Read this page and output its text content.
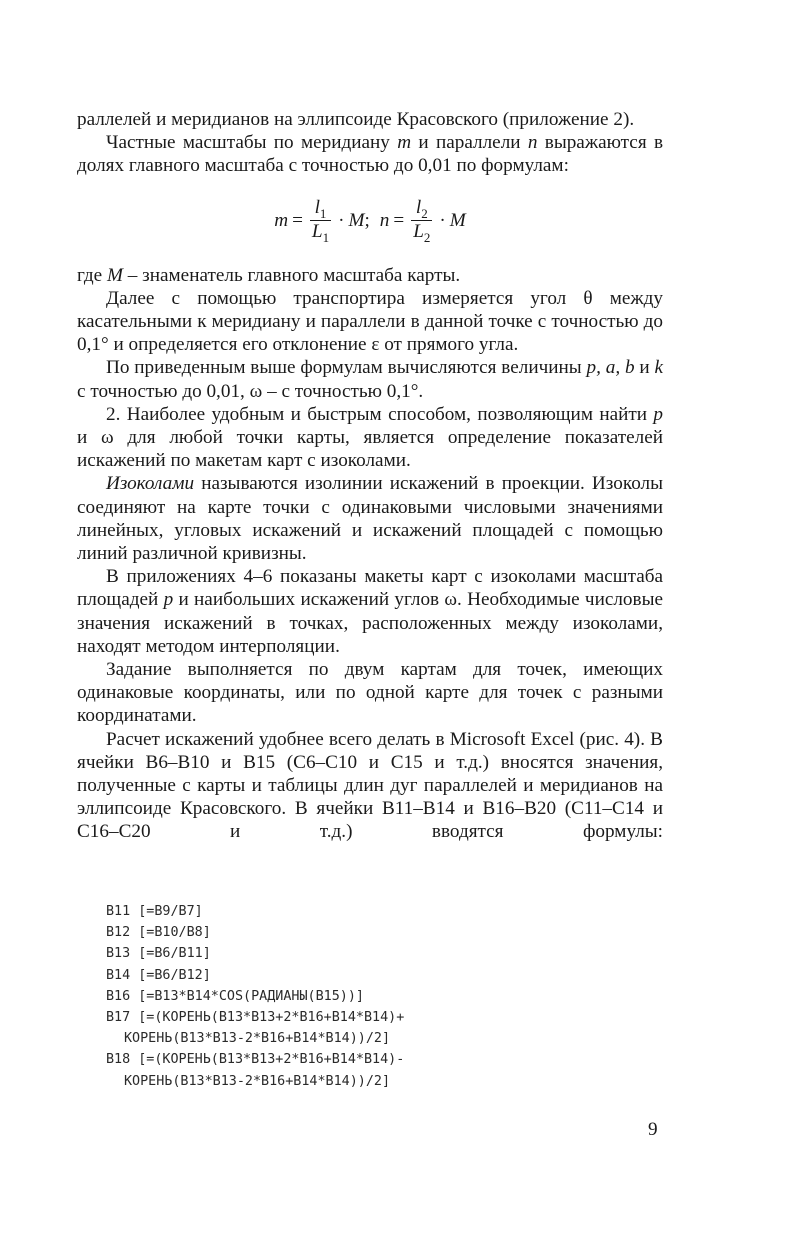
раллелей и меридианов на эллипсоиде Красовского (приложение 2).

Частные масштабы по меридиану m и параллели n выражаются в долях главного масштаба с точностью до 0,01 по формулам:

$m = \frac{l_1}{L_1} \cdot M$ ; $n = \frac{l_2}{L_2} \cdot M$

где M – знаменатель главного масштаба карты.

Далее с помощью транспортира измеряется угол θ между касательными к меридиану и параллели в данной точке с точностью до 0,1° и определяется его отклонение ε от прямого угла.

По приведенным выше формулам вычисляются величины p, a, b и k с точностью до 0,01, ω – с точностью 0,1°.

2. Наиболее удобным и быстрым способом, позволяющим найти p и ω для любой точки карты, является определение показателей искажений по макетам карт с изоколами.

Изоколами называются изолинии искажений в проекции. Изоколы соединяют на карте точки с одинаковыми числовыми значениями линейных, угловых искажений и искажений площадей с помощью линий различной кривизны.

В приложениях 4–6 показаны макеты карт с изоколами масштаба площадей p и наибольших искажений углов ω. Необходимые числовые значения искажений в точках, расположенных между изоколами, находят методом интерполяции.

Задание выполняется по двум картам для точек, имеющих одинаковые координаты, или по одной карте для точек с разными координатами.

Расчет искажений удобнее всего делать в Microsoft Excel (рис. 4). В ячейки B6–B10 и B15 (C6–C10 и C15 и т.д.) вносятся значения, полученные с карты и таблицы длин дуг параллелей и меридианов на эллипсоиде Красовского. В ячейки B11–B14 и B16–B20 (C11–C14 и C16–C20 и т.д.) вводятся формулы:

B11 [=B9/B7]
B12 [=B10/B8]
B13 [=B6/B11]
B14 [=B6/B12]
B16 [=B13*B14*COS(РАДИАНЫ(B15))]
B17 [=(КОРЕНЬ(B13*B13+2*B16+B14*B14)+
КОРЕНЬ(B13*B13-2*B16+B14*B14))/2]
B18 [=(КОРЕНЬ(B13*B13+2*B16+B14*B14)-
КОРЕНЬ(B13*B13-2*B16+B14*B14))/2]
9
